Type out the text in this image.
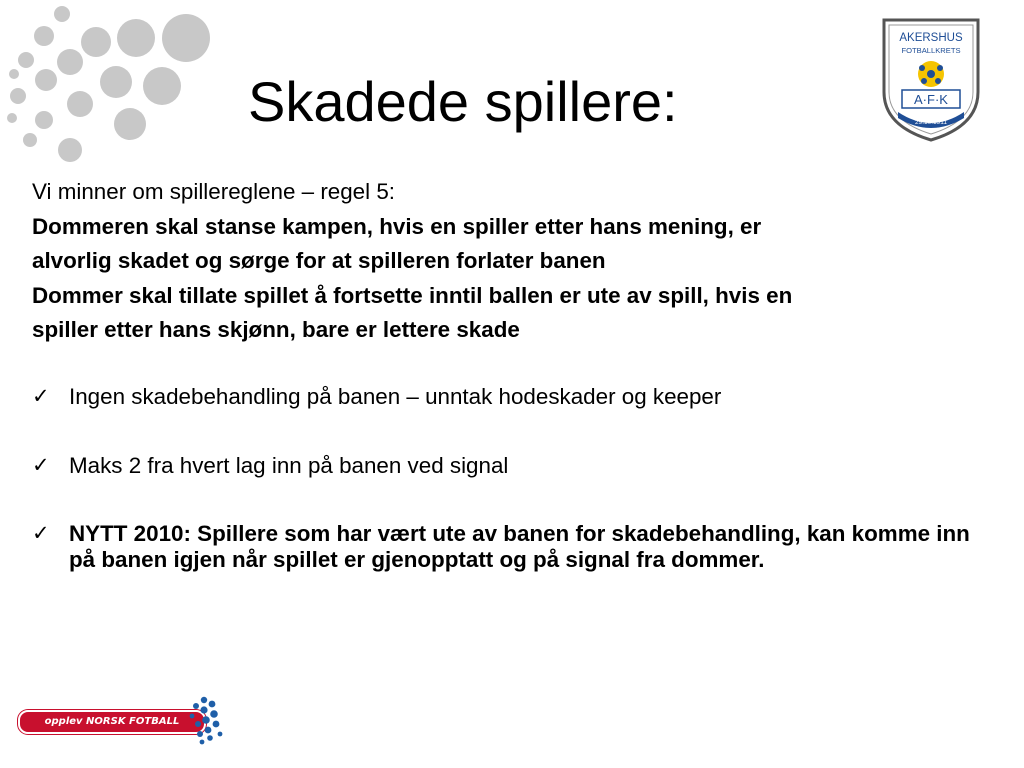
AKERSHUS
FOTBALLKRETS
A·F·K
29.10.1911
Skadede spillere:

Vi minner om spillereglene – regel 5:

Dommeren skal stanse kampen, hvis en spiller etter hans mening, er

alvorlig skadet og sørge for at spilleren forlater banen

Dommer skal tillate spillet å fortsette inntil ballen er ute av spill, hvis en

spiller etter hans skjønn, bare er lettere skade

✓ Ingen skadebehandling på banen – unntak hodeskader og keeper
✓ Maks 2 fra hvert lag inn på banen ved signal
✓ NYTT 2010: Spillere som har vært ute av banen for skadebehandling, kan komme inn på banen igjen når spillet er gjenopptatt og på signal fra dommer.
opplev NORSK FOTBALL
